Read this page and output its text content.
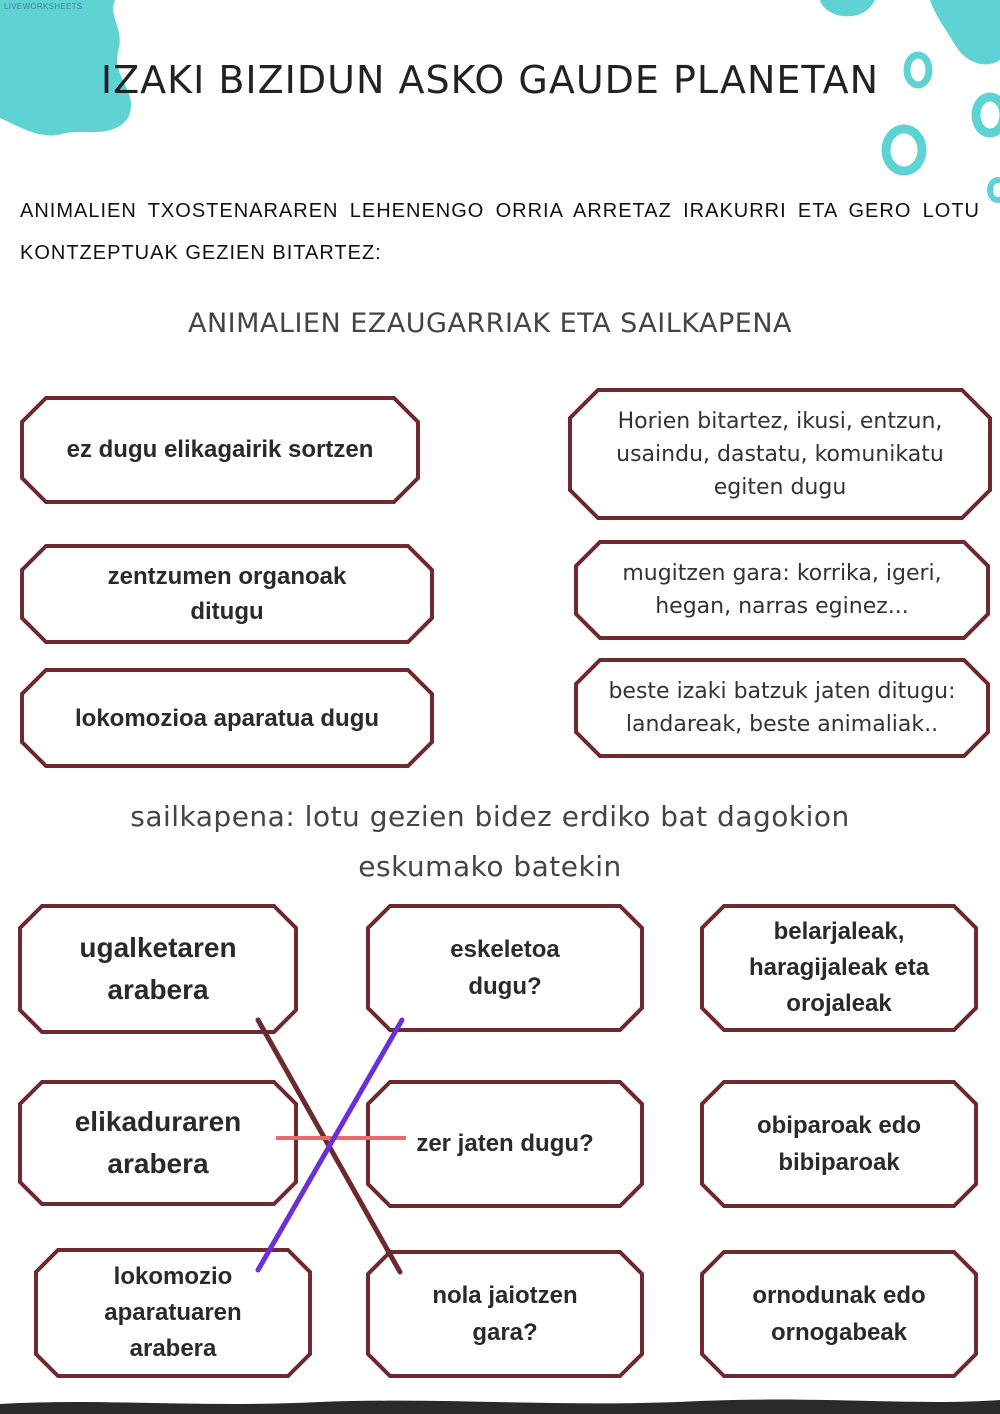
LIVEWORKSHEETS
IZAKI BIZIDUN ASKO GAUDE PLANETAN
ANIMALIEN TXOSTENARAREN LEHENENGO ORRIA ARRETAZ IRAKURRI ETA GERO LOTU KONTZEPTUAK GEZIEN BITARTEZ:
ANIMALIEN EZAUGARRIAK ETA SAILKAPENA
ez dugu elikagairik sortzen
zentzumen organoak ditugu
lokomozioa aparatua dugu
Horien bitartez, ikusi, entzun, usaindu, dastatu, komunikatu egiten dugu
mugitzen gara: korrika, igeri, hegan, narras eginez...
beste izaki batzuk jaten ditugu: landareak, beste animaliak..
sailkapena: lotu gezien bidez erdiko bat dagokion
eskumako batekin
ugalketaren arabera
elikaduraren arabera
lokomozio aparatuaren arabera
eskeletoa dugu?
zer jaten dugu?
nola jaiotzen gara?
belarjaleak, haragijaleak eta orojaleak
obiparoak edo bibiparoak
ornodunak edo ornogabeak
